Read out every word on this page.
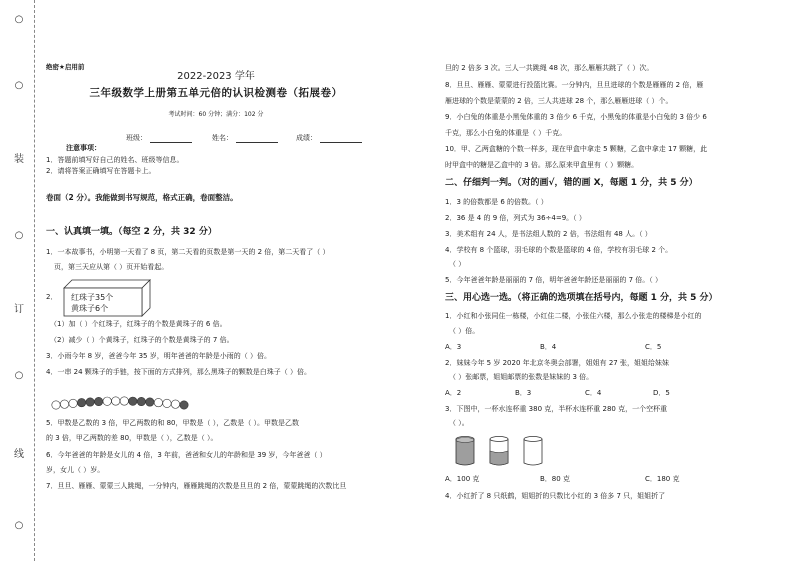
○
○
装
○
订
○
线
○
绝密★启用前
2022-2023 学年
三年级数学上册第五单元倍的认识检测卷（拓展卷）
考试时间：60 分钟；满分：102 分
班级：	姓名：	成绩：
注意事项：
1．答题前填写好自己的姓名、班级等信息。
2．请将答案正确填写在答题卡上。
卷面（2 分）。我能做到书写规范，格式正确，卷面整洁。
一、认真填一填。（每空 2 分，共 32 分）
1．一本故事书，小明第一天看了 8 页，第二天看的页数是第一天的 2 倍，第二天看了（ ）
页，第三天应从第（ ）页开始看起。
2． 红珠子35个
黄珠子6个
（1）加（ ）个红珠子，红珠子的个数是黄珠子的 6 倍。
（2）减少（ ）个黄珠子，红珠子的个数是黄珠子的 7 倍。
3．小雨今年 8 岁，爸爸今年 35 岁，明年爸爸的年龄是小雨的（ ）倍。
4．一串 24 颗珠子的手链，按下面的方式排列，那么黑珠子的颗数是白珠子（ ）倍。
5．甲数是乙数的 3 倍，甲乙两数的和 80，甲数是（ ），乙数是（ ）。甲数是乙数
的 3 倍，甲乙两数的差 80，甲数是（ ），乙数是（ ）。
6．今年爸爸的年龄是女儿的 4 倍，3 年前，爸爸和女儿的年龄和是 39 岁，今年爸爸（ ）
岁，女儿（ ）岁。
7．旦旦、雁雁、蒙蒙三人跳绳，一分钟内，雁雁跳绳的次数是旦旦的 2 倍，蒙蒙跳绳的次数比旦
旦的 2 倍多 3 次。三人一共跳绳 48 次，那么雁雁共跳了（ ）次。
8．旦旦、雁雁、蒙蒙进行投篮比赛。一分钟内，旦旦进球的个数是雁雁的 2 倍，雁
雁进球的个数是蒙蒙的 2 倍，三人共进球 28 个，那么雁雁进球（ ）个。
9．小白兔的体重是小黑兔体重的 3 倍少 6 千克，小黑兔的体重是小白兔的 3 倍少 6
千克，那么小白兔的体重是（ ）千克。
10．甲、乙两盒糖的个数一样多，现在甲盒中拿走 5 颗糖，乙盒中拿走 17 颗糖，此
时甲盒中的糖是乙盒中的 3 倍。那么原来甲盒里有（ ）颗糖。
二、仔细判一判。（对的画√，错的画 X，每题 1 分，共 5 分）
1．3 的倍数都是 6 的倍数。（ ）
2．36 是 4 的 9 倍，列式为 36÷4=9。（ ）
3．美术组有 24 人，是书法组人数的 2 倍，书法组有 48 人。（ ）
4．学校有 8 个篮球，羽毛球的个数是篮球的 4 倍，学校有羽毛球 2 个。
（ ）
5．今年爸爸年龄是丽丽的 7 倍，明年爸爸年龄还是丽丽的 7 倍。（ ）
三、用心选一选。（将正确的选项填在括号内，每题 1 分，共 5 分）
1．小红和小张同住一栋楼，小红住二楼，小张住六楼，那么小张走的楼梯是小红的
（ ）倍。
A．3	B．4	C．5
2．妹妹今年 5 岁 2020 年北京冬奥会部署，姐姐有 27 张，姐姐给妹妹
（ ）张邮票，姐姐邮票的张数是妹妹的 3 倍。
A．2	B．3	C．4	D．5
3．下图中，一杯水连杯重 380 克，半杯水连杯重 280 克，一个空杯重
（ ）。
A．100 克	B．80 克	C．180 克
4．小红折了 8 只纸鹤，姐姐折的只数比小红的 3 倍多 7 只，姐姐折了
